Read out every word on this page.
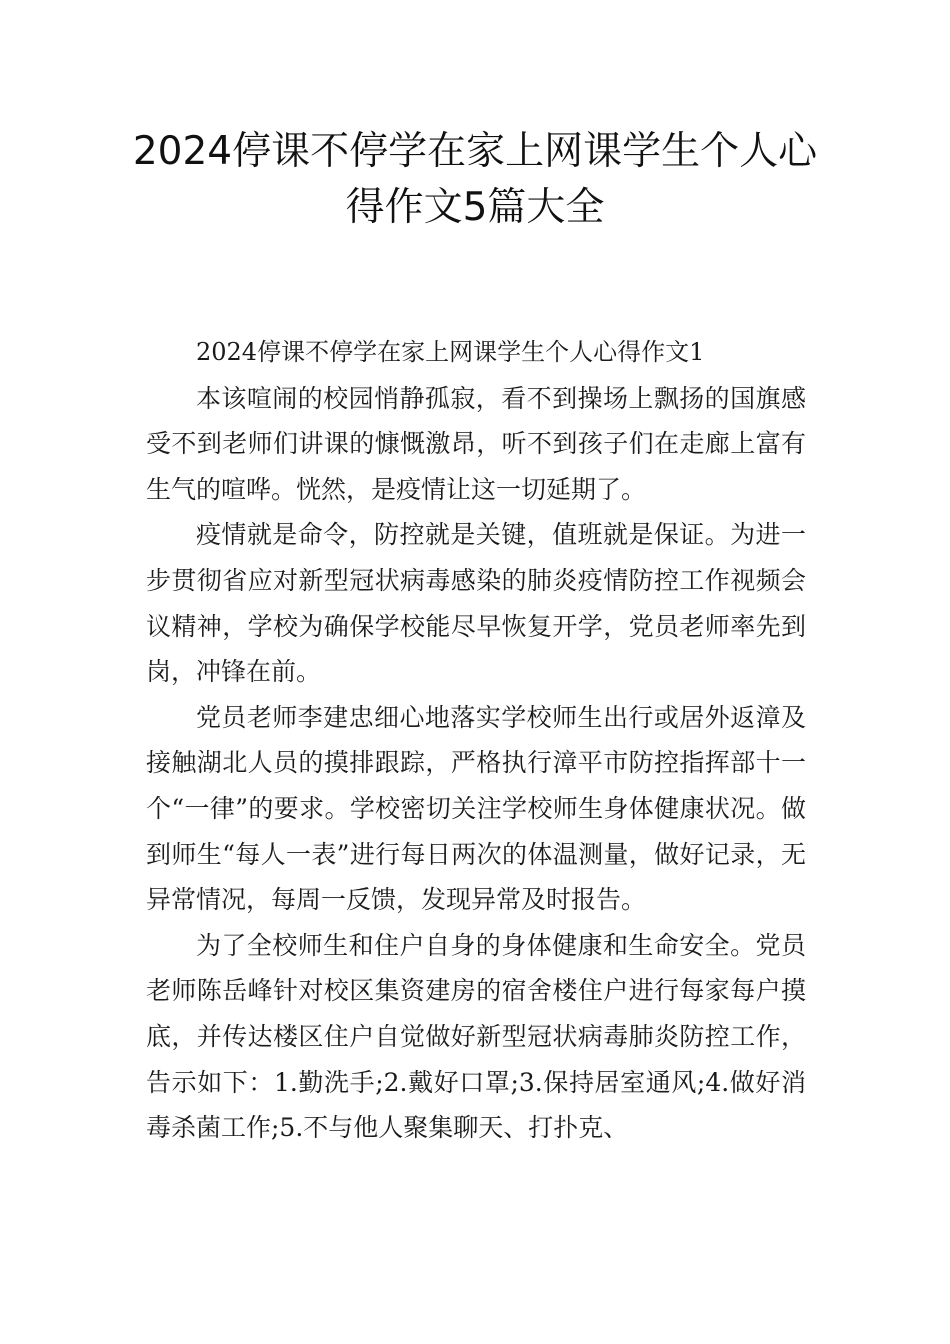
2024停课不停学在家上网课学生个人心
得作文5篇大全

2024停课不停学在家上网课学生个人心得作文1

本该喧闹的校园悄静孤寂，看不到操场上飘扬的国旗感受不到老师们讲课的慷慨激昂，听不到孩子们在走廊上富有生气的喧哗。恍然，是疫情让这一切延期了。

疫情就是命令，防控就是关键，值班就是保证。为进一步贯彻省应对新型冠状病毒感染的肺炎疫情防控工作视频会议精神，学校为确保学校能尽早恢复开学，党员老师率先到岗，冲锋在前。

党员老师李建忠细心地落实学校师生出行或居外返漳及接触湖北人员的摸排跟踪，严格执行漳平市防控指挥部十一个“一律”的要求。学校密切关注学校师生身体健康状况。做到师生“每人一表”进行每日两次的体温测量，做好记录，无异常情况，每周一反馈，发现异常及时报告。

为了全校师生和住户自身的身体健康和生命安全。党员老师陈岳峰针对校区集资建房的宿舍楼住户进行每家每户摸底，并传达楼区住户自觉做好新型冠状病毒肺炎防控工作，告示如下：1.勤洗手;2.戴好口罩;3.保持居室通风;4.做好消毒杀菌工作;5.不与他人聚集聊天、打扑克、
